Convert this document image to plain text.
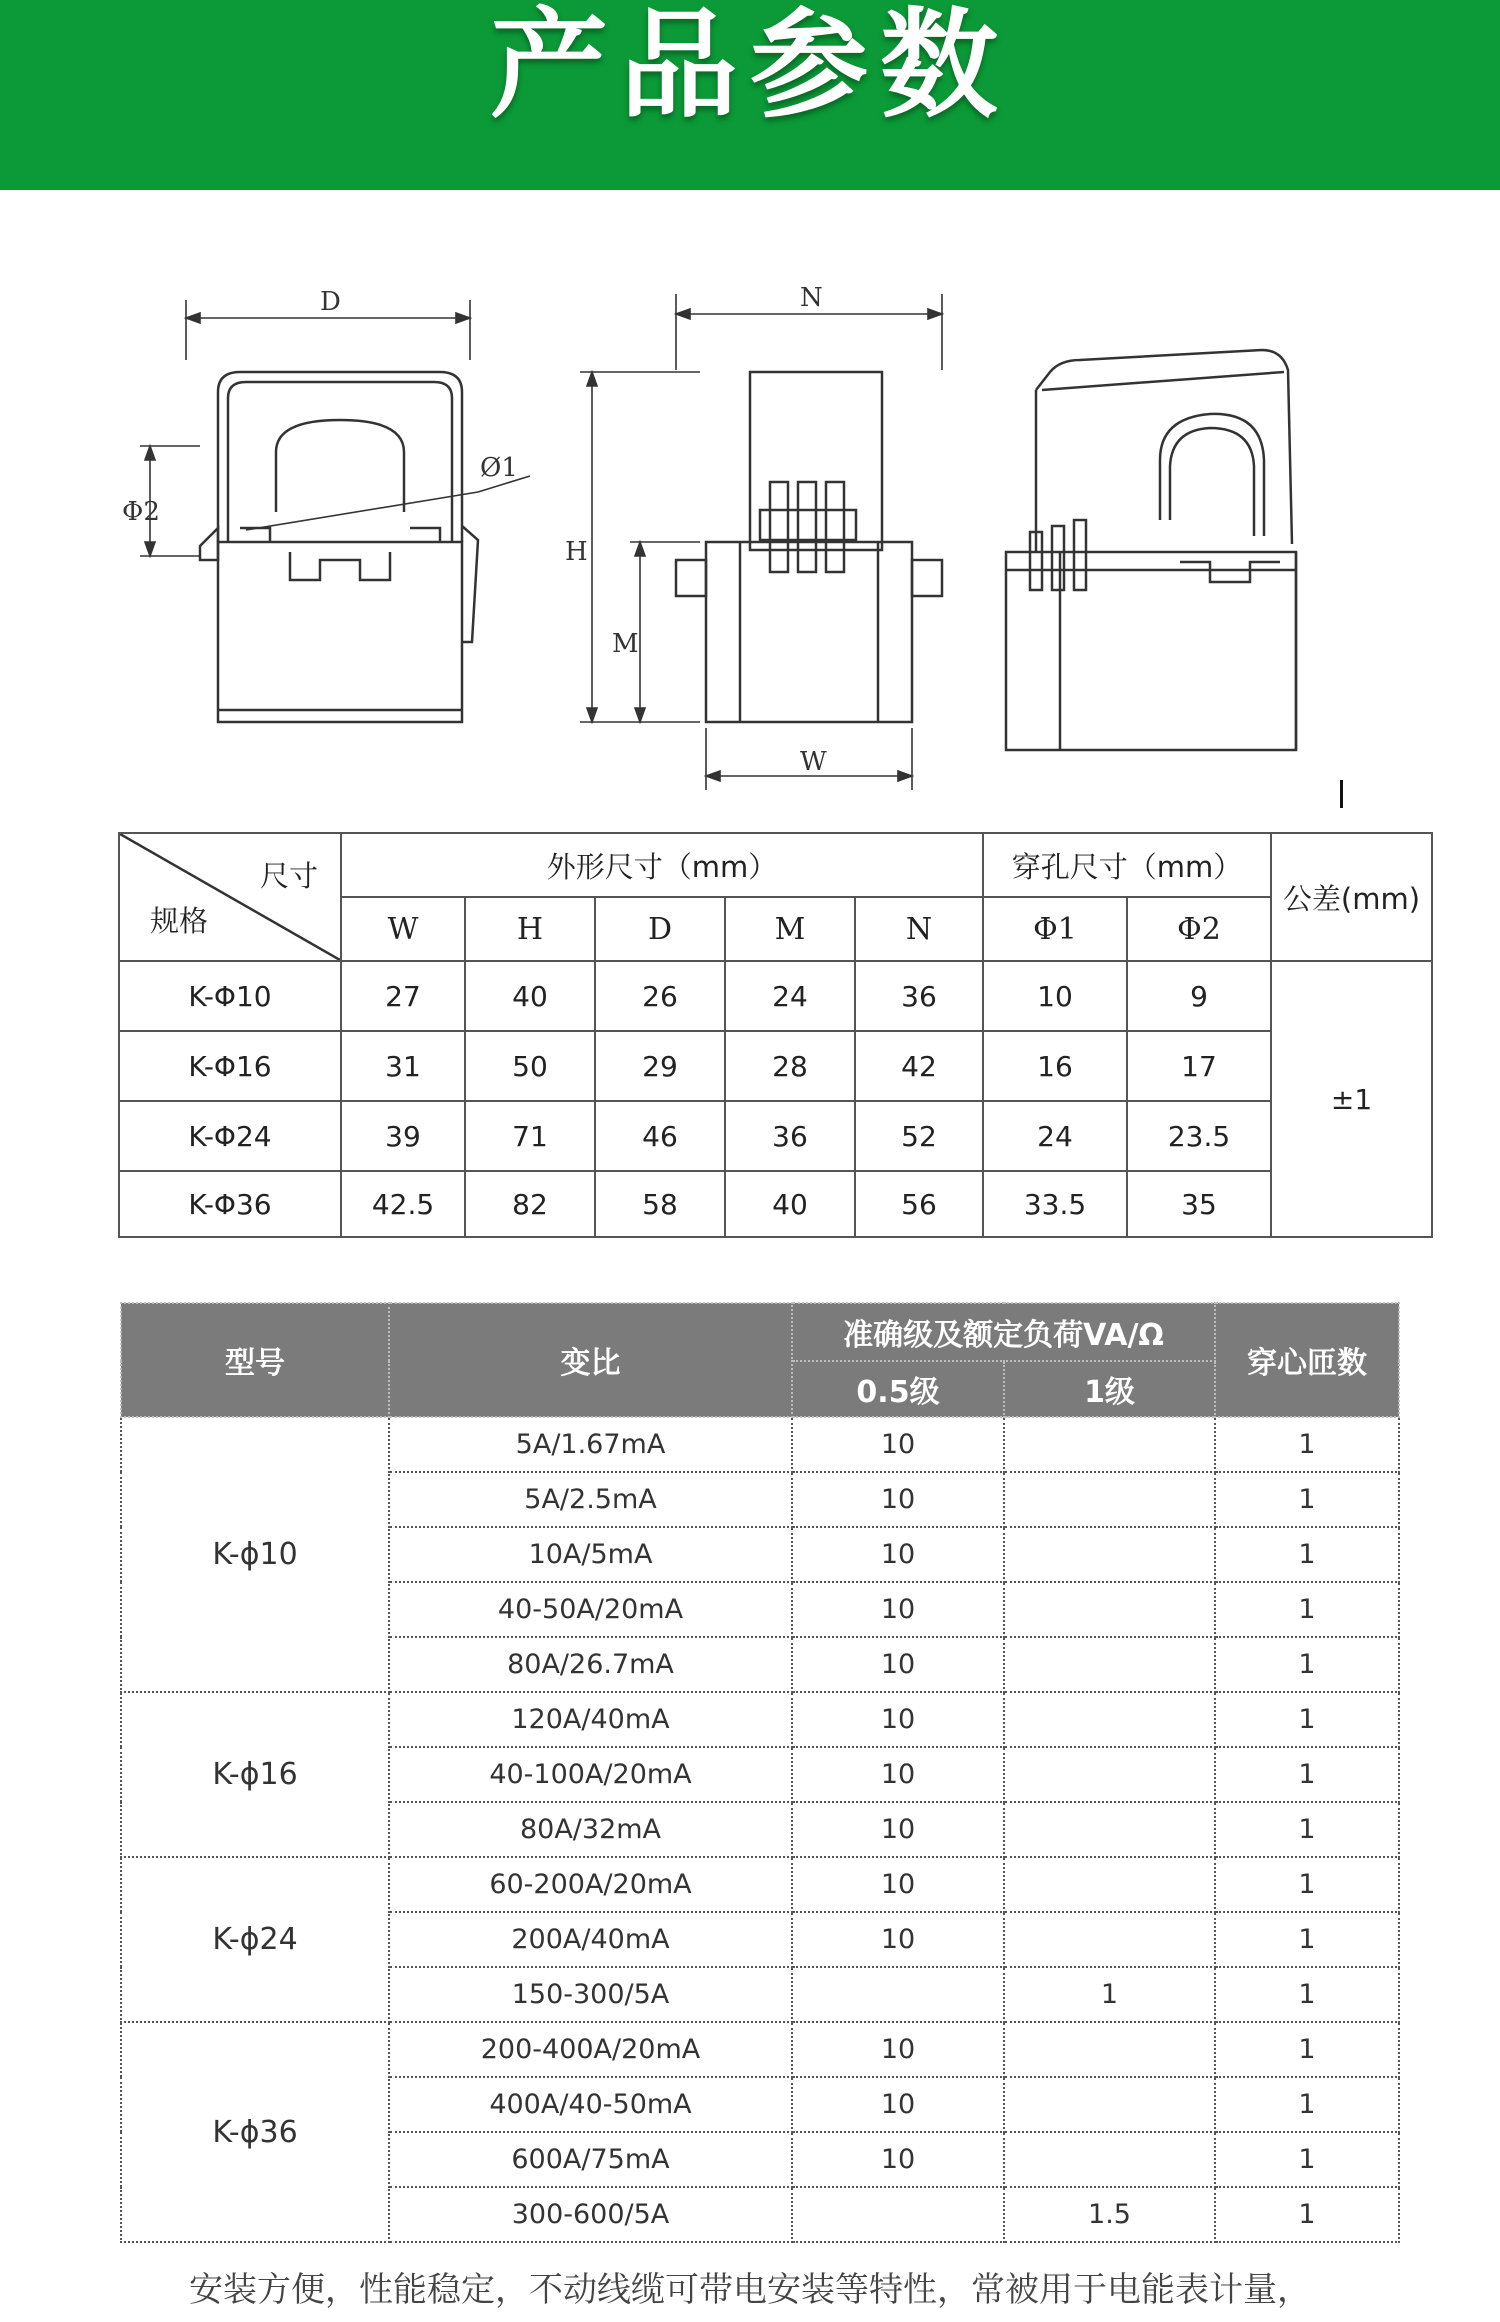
产品参数
D	N
H
M
W
Ø1
Φ2
尺寸
规格	外形尺寸（mm）					穿孔尺寸（mm）		公差(mm)
	W	H	D	M	N	Φ1	Φ2	
K-Φ10	27	40	26	24	36	10	9	±1
K-Φ16	31	50	29	28	42	16	17	
K-Φ24	39	71	46	36	52	24	23.5	
K-Φ36	42.5	82	58	40	56	33.5	35	
型号	变比	准确级及额定负荷VA/Ω		穿心匝数
		0.5级	1级	
K-ϕ10	5A/1.67mA	10		1
	5A/2.5mA	10		1
	10A/5mA	10		1
	40-50A/20mA	10		1
	80A/26.7mA	10		1
K-ϕ16	120A/40mA	10		1
	40-100A/20mA	10		1
	80A/32mA	10		1
K-ϕ24	60-200A/20mA	10		1
	200A/40mA	10		1
	150-300/5A		1	1
K-ϕ36	200-400A/20mA	10		1
	400A/40-50mA	10		1
	600A/75mA	10		1
	300-600/5A		1.5	1
安装方便，性能稳定，不动线缆可带电安装等特性，常被用于电能表计量，
